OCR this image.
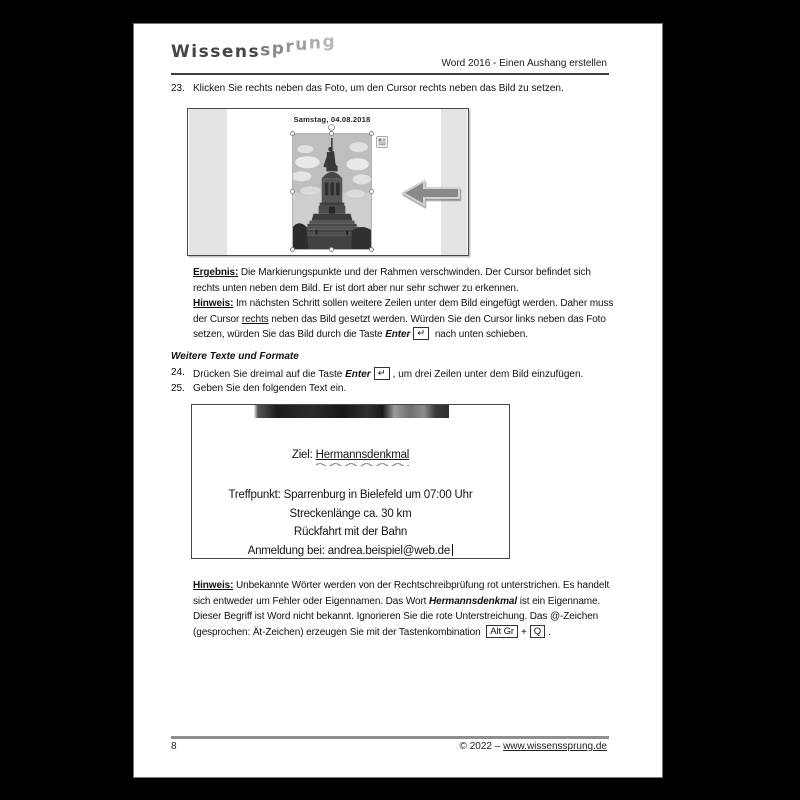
Wissenssprung
Word 2016 - Einen Aushang erstellen
23. Klicken Sie rechts neben das Foto, um den Cursor rechts neben das Bild zu setzen.
Samstag, 04.08.2018

Ergebnis: Die Markierungspunkte und der Rahmen verschwinden. Der Cursor befindet sich rechts unten neben dem Bild. Er ist dort aber nur sehr schwer zu erkennen.

Hinweis: Im nächsten Schritt sollen weitere Zeilen unter dem Bild eingefügt werden. Daher muss der Cursor rechts neben das Bild gesetzt werden. Würden Sie den Cursor links neben das Foto setzen, würden Sie das Bild durch die Taste Enter ↵ nach unten schieben.

Weitere Texte und Formate
24. Drücken Sie dreimal auf die Taste Enter ↵ , um drei Zeilen unter dem Bild einzufügen.
25. Geben Sie den folgenden Text ein.
Ziel: Hermannsdenkmal
Treffpunkt: Sparrenburg in Bielefeld um 07:00 Uhr
Streckenlänge ca. 30 km
Rückfahrt mit der Bahn
Anmeldung bei: andrea.beispiel@web.de

Hinweis: Unbekannte Wörter werden von der Rechtschreibprüfung rot unterstrichen. Es handelt sich entweder um Fehler oder Eigennamen. Das Wort Hermannsdenkmal ist ein Eigenname. Dieser Begriff ist Word nicht bekannt. Ignorieren Sie die rote Unterstreichung. Das @-Zeichen (gesprochen: Ät-Zeichen) erzeugen Sie mit der Tastenkombination Alt Gr + Q .

8	© 2022 – www.wissenssprung.de
